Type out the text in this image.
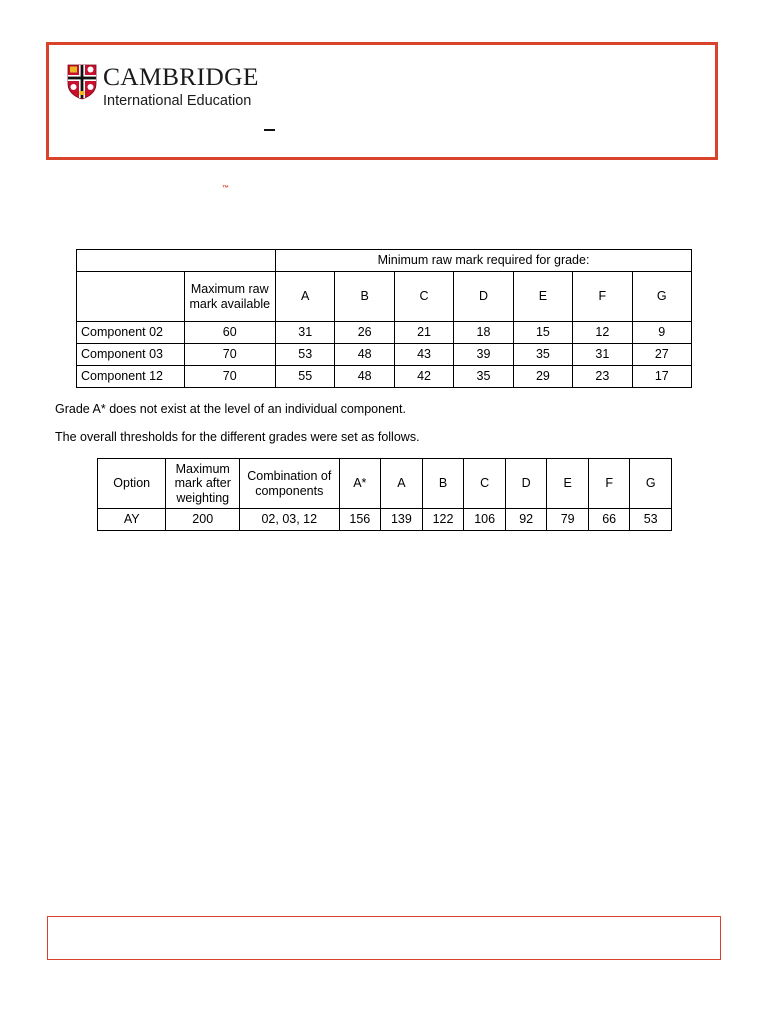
CAMBRIDGE
International Education
™
		Minimum raw mark required for grade:						
	Maximum raw mark available	A	B	C	D	E	F	G
Component 02	60	31	26	21	18	15	12	9
Component 03	70	53	48	43	39	35	31	27
Component 12	70	55	48	42	35	29	23	17
Grade A* does not exist at the level of an individual component.
The overall thresholds for the different grades were set as follows.
Option	Maximum mark after weighting	Combination of components	A*	A	B	C	D	E	F	G
AY	200	02, 03, 12	156	139	122	106	92	79	66	53
